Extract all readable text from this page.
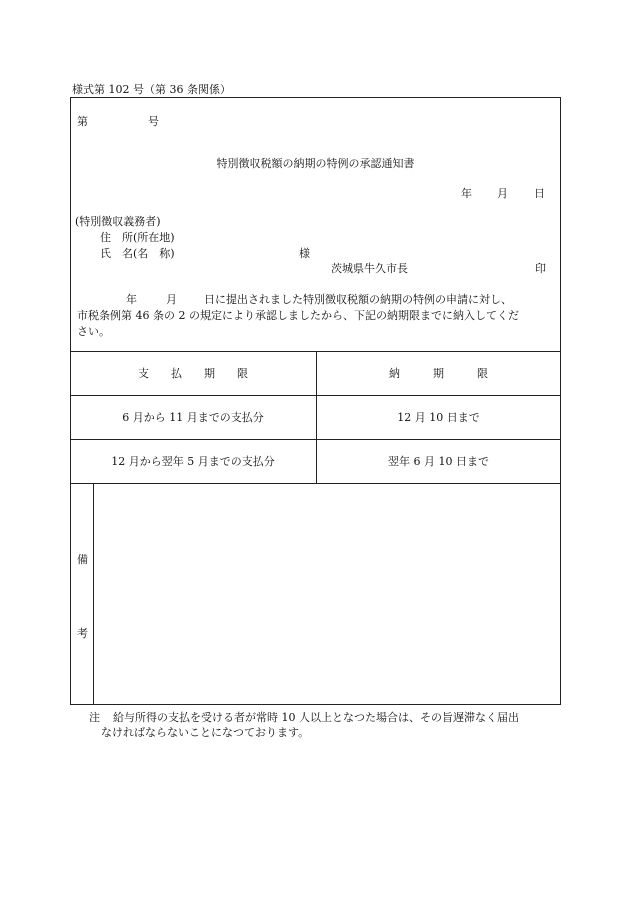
様式第 102 号（第 36 条関係）
第	号
特別徴収税額の納期の特例の承認通知書
年 月 日
(特別徴収義務者)
住　所(所在地)
氏　名(名　称)	様
茨城県牛久市長	印
年	月 日に提出されました特別徴収税額の納期の特例の申請に対し、
市税条例第 46 条の 2 の規定により承認しましたから、下記の納期限までに納入してくだ
さい。
支　　払　　期　　限	納　　　期　　　限
6 月から 11 月までの支払分	12 月 10 日まで
12 月から翌年 5 月までの支払分	翌年 6 月 10 日まで
備
考
注 給与所得の支払を受ける者が常時 10 人以上となつた場合は、その旨遅滞なく届出
なければならないことになつております。
